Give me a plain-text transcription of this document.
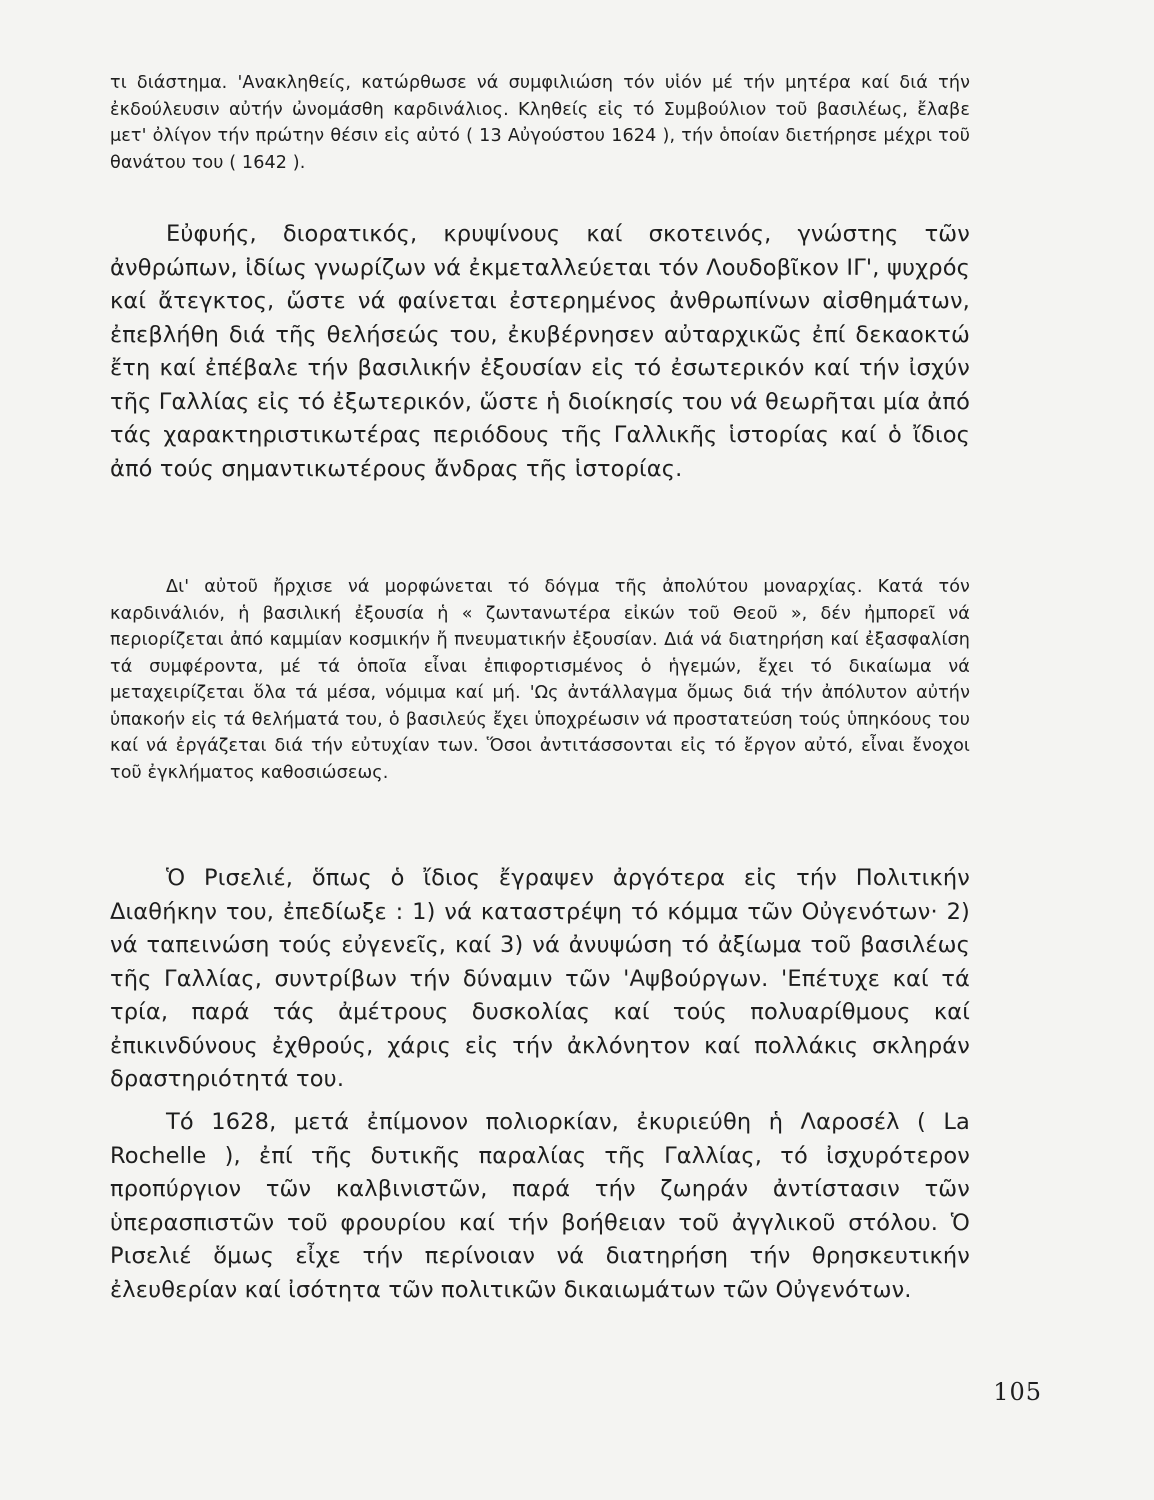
τι διάστημα. 'Ανακληθείς, κατώρθωσε νά συμφιλιώση τόν υἱόν μέ τήν μητέρα καί διά τήν ἐκδούλευσιν αὐτήν ὠνομάσθη καρδινάλιος. Κληθείς εἰς τό Συμβούλιον τοῦ βασιλέως, ἔλαβε μετ' ὀλίγον τήν πρώτην θέσιν εἰς αὐτό ( 13 Αὐγούστου 1624 ), τήν ὁποίαν διετήρησε μέχρι τοῦ θανάτου του ( 1642 ).

Εὐφυής, διορατικός, κρυψίνους καί σκοτεινός, γνώστης τῶν ἀνθρώπων, ἰδίως γνωρίζων νά ἐκμεταλλεύεται τόν Λουδοβῖκον ΙΓ', ψυχρός καί ἄτεγκτος, ὥστε νά φαίνεται ἐστερημένος ἀνθρωπίνων αἰσθημάτων, ἐπεβλήθη διά τῆς θελήσεώς του, ἐκυβέρνησεν αὐταρχικῶς ἐπί δεκαοκτώ ἔτη καί ἐπέβαλε τήν βασιλικήν ἐξουσίαν εἰς τό ἐσωτερικόν καί τήν ἰσχύν τῆς Γαλλίας εἰς τό ἐξωτερικόν, ὥστε ἡ διοίκησίς του νά θεωρῆται μία ἀπό τάς χαρακτηριστικωτέρας περιόδους τῆς Γαλλικῆς ἱστορίας καί ὁ ἴδιος ἀπό τούς σημαντικωτέρους ἄνδρας τῆς ἱστορίας.

Δι' αὐτοῦ ἤρχισε νά μορφώνεται τό δόγμα τῆς ἀπολύτου μοναρχίας. Κατά τόν καρδινάλιόν, ἡ βασιλική ἐξουσία ἡ « ζωντανωτέρα εἰκών τοῦ Θεοῦ », δέν ἠμπορεῖ νά περιορίζεται ἀπό καμμίαν κοσμικήν ἤ πνευματικήν ἐξουσίαν. Διά νά διατηρήση καί ἐξασφαλίση τά συμφέροντα, μέ τά ὁποῖα εἶναι ἐπιφορτισμένος ὁ ἡγεμών, ἔχει τό δικαίωμα νά μεταχειρίζεται ὅλα τά μέσα, νόμιμα καί μή. 'Ως ἀντάλλαγμα ὅμως διά τήν ἀπόλυτον αὐτήν ὑπακοήν εἰς τά θελήματά του, ὁ βασιλεύς ἔχει ὑποχρέωσιν νά προστατεύση τούς ὑπηκόους του καί νά ἐργάζεται διά τήν εὐτυχίαν των. Ὅσοι ἀντιτάσσονται εἰς τό ἔργον αὐτό, εἶναι ἔνοχοι τοῦ ἐγκλήματος καθοσιώσεως.

Ὁ Ρισελιέ, ὅπως ὁ ἴδιος ἔγραψεν ἀργότερα εἰς τήν Πολιτικήν Διαθήκην του, ἐπεδίωξε : 1) νά καταστρέψη τό κόμμα τῶν Οὐγενότων· 2) νά ταπεινώση τούς εὐγενεῖς, καί 3) νά ἀνυψώση τό ἀξίωμα τοῦ βασιλέως τῆς Γαλλίας, συντρίβων τήν δύναμιν τῶν 'Αψβούργων. 'Επέτυχε καί τά τρία, παρά τάς ἀμέτρους δυσκολίας καί τούς πολυαρίθμους καί ἐπικινδύνους ἐχθρούς, χάρις εἰς τήν ἀκλόνητον καί πολλάκις σκληράν δραστηριότητά του.

Τό 1628, μετά ἐπίμονον πολιορκίαν, ἐκυριεύθη ἡ Λαροσέλ ( La Rochelle ), ἐπί τῆς δυτικῆς παραλίας τῆς Γαλλίας, τό ἰσχυρότερον προπύργιον τῶν καλβινιστῶν, παρά τήν ζωηράν ἀντίστασιν τῶν ὑπερασπιστῶν τοῦ φρουρίου καί τήν βοήθειαν τοῦ ἀγγλικοῦ στόλου. Ὁ Ρισελιέ ὅμως εἶχε τήν περίνοιαν νά διατηρήση τήν θρησκευτικήν ἐλευθερίαν καί ἰσότητα τῶν πολιτικῶν δικαιωμάτων τῶν Οὐγενότων.

105
